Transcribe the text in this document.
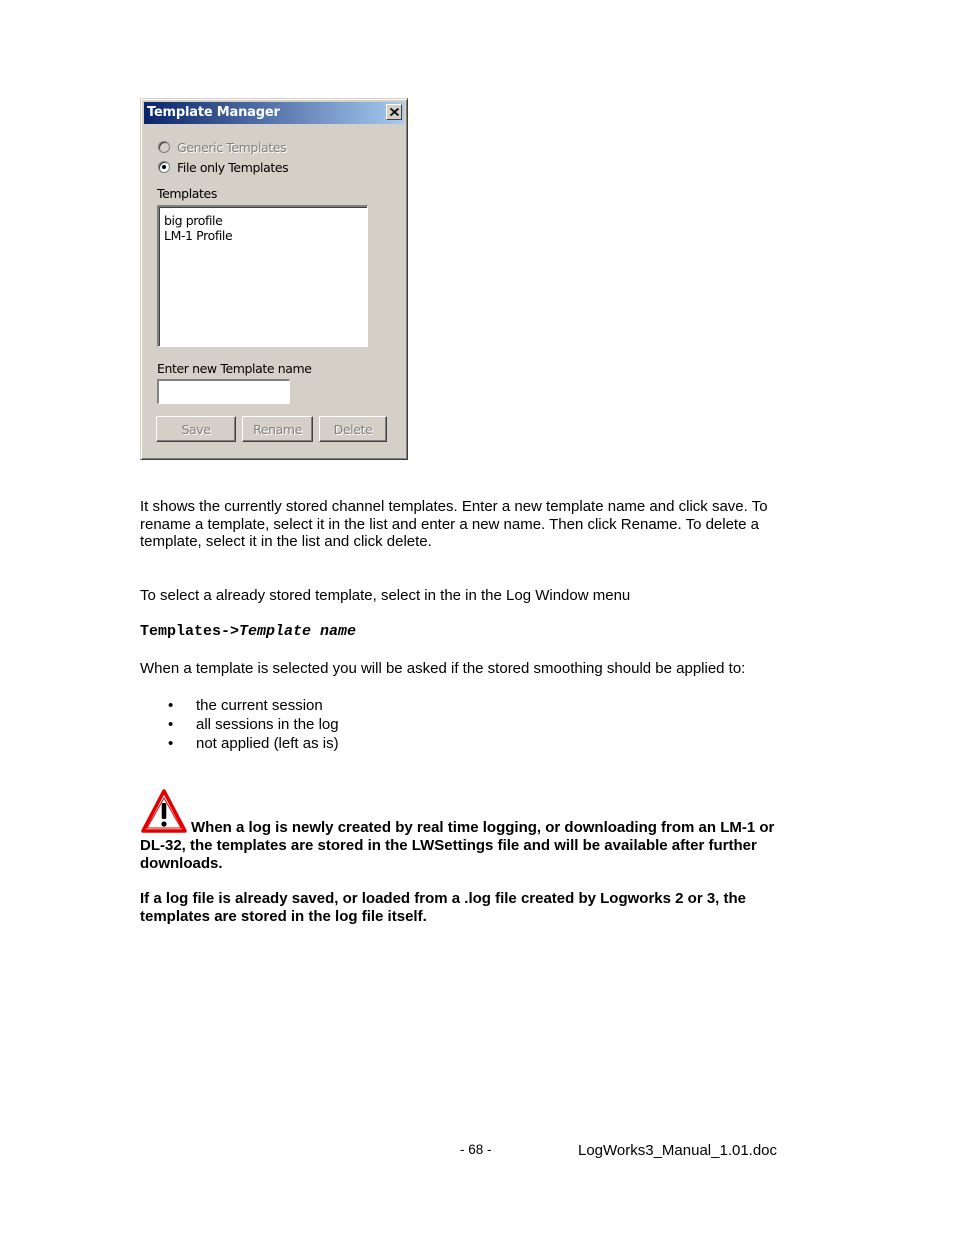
Template Manager
Generic Templates
File only Templates
Templates
big profile
LM-1 Profile
Enter new Template name
Save	Rename	Delete
It shows the currently stored channel templates. Enter a new template name and click save. To
rename a template, select it in the list and enter a new name. Then click Rename. To delete a
template, select it in the list and click delete.
To select a already stored template, select in the in the Log Window menu
Templates->Template name
When a template is selected you will be asked if the stored smoothing should be applied to:
• the current session
• all sessions in the log
• not applied (left as is)
When a log is newly created by real time logging, or downloading from an LM-1 or
DL-32, the templates are stored in the LWSettings file and will be available after further
downloads.
If a log file is already saved, or loaded from a .log file created by Logworks 2 or 3, the
templates are stored in the log file itself.
- 68 -	LogWorks3_Manual_1.01.doc
